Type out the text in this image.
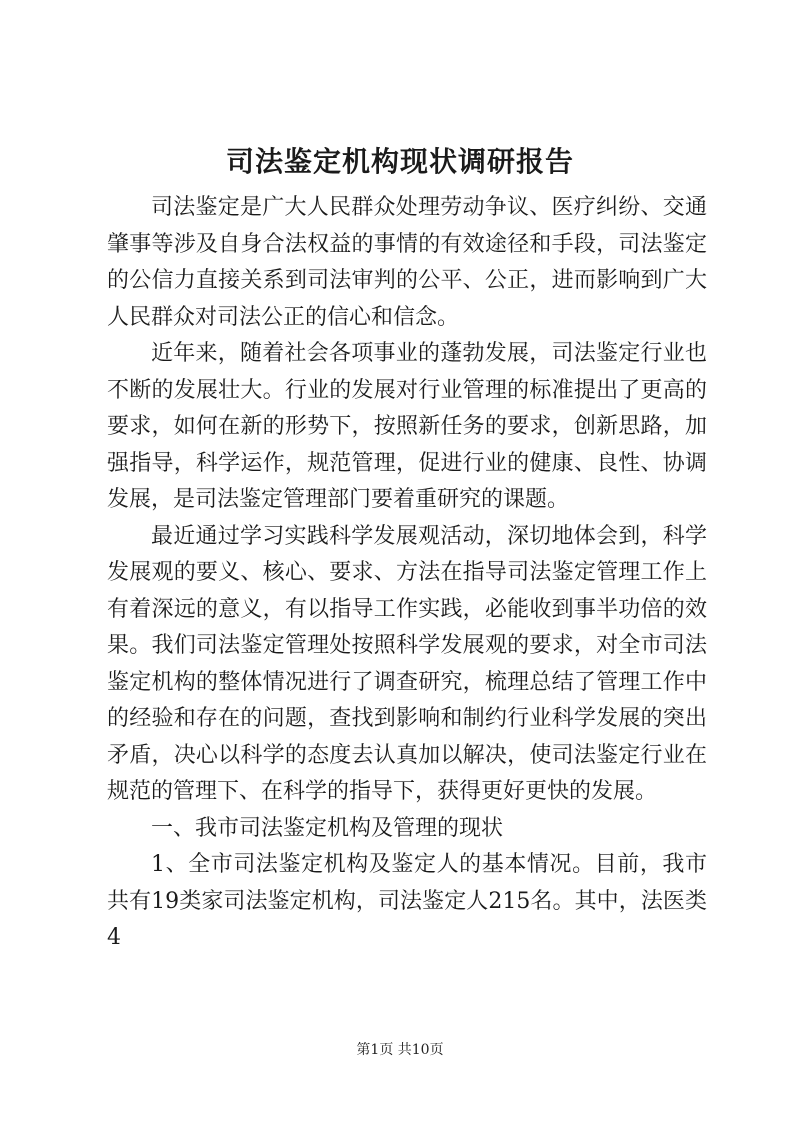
司法鉴定机构现状调研报告

司法鉴定是广大人民群众处理劳动争议、医疗纠纷、交通肇事等涉及自身合法权益的事情的有效途径和手段，司法鉴定的公信力直接关系到司法审判的公平、公正，进而影响到广大人民群众对司法公正的信心和信念。

近年来，随着社会各项事业的蓬勃发展，司法鉴定行业也不断的发展壮大。行业的发展对行业管理的标准提出了更高的要求，如何在新的形势下，按照新任务的要求，创新思路，加强指导，科学运作，规范管理，促进行业的健康、良性、协调发展，是司法鉴定管理部门要着重研究的课题。

最近通过学习实践科学发展观活动，深切地体会到，科学发展观的要义、核心、要求、方法在指导司法鉴定管理工作上有着深远的意义，有以指导工作实践，必能收到事半功倍的效果。我们司法鉴定管理处按照科学发展观的要求，对全市司法鉴定机构的整体情况进行了调查研究，梳理总结了管理工作中的经验和存在的问题，查找到影响和制约行业科学发展的突出矛盾，决心以科学的态度去认真加以解决，使司法鉴定行业在规范的管理下、在科学的指导下，获得更好更快的发展。

一、我市司法鉴定机构及管理的现状

1、全市司法鉴定机构及鉴定人的基本情况。目前，我市共有19类家司法鉴定机构，司法鉴定人215名。其中，法医类4

第1页 共10页
